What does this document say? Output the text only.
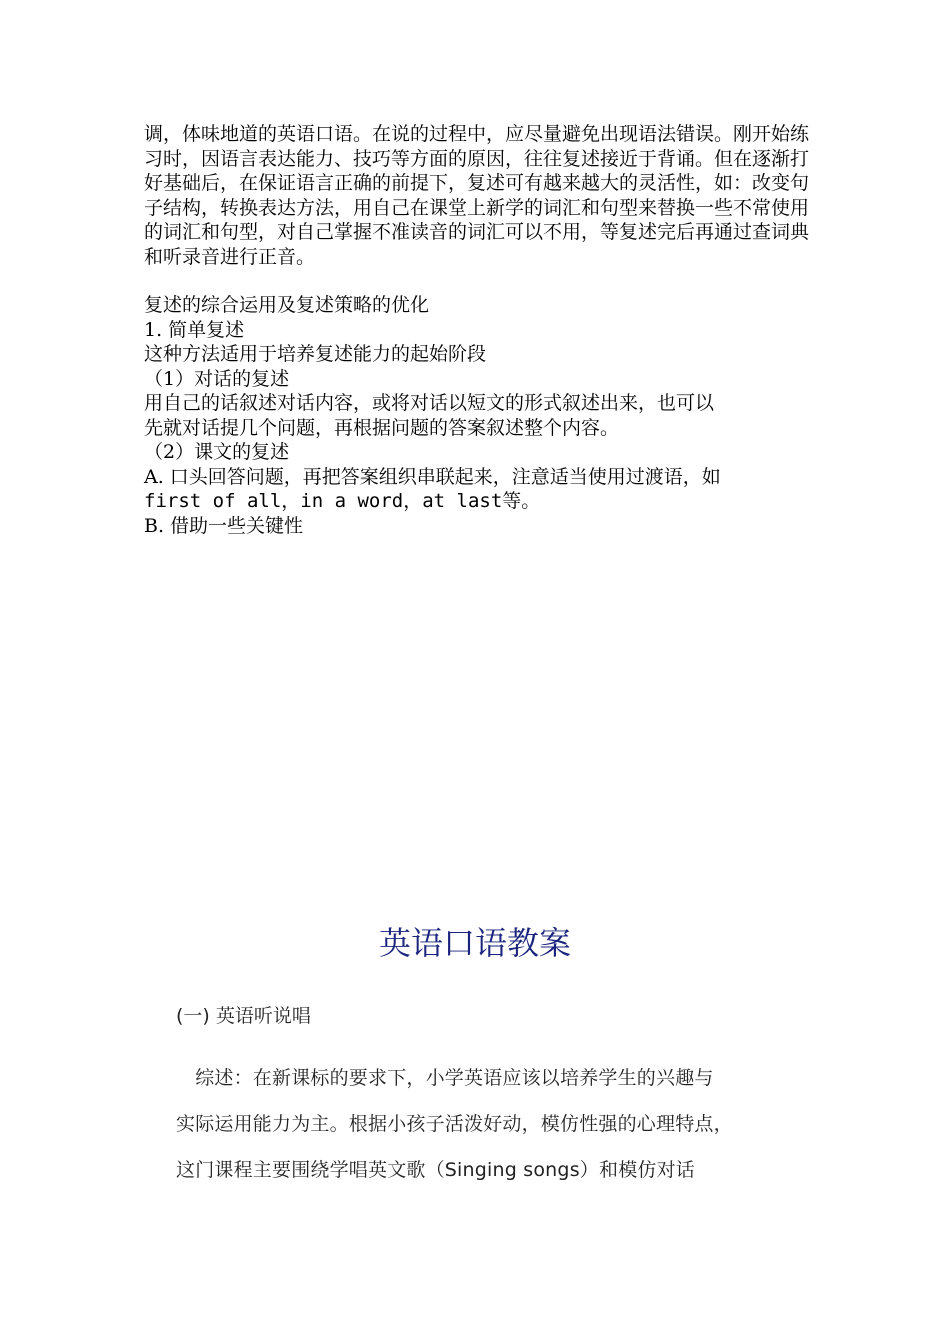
调，体味地道的英语口语。在说的过程中，应尽量避免出现语法错误。刚开始练习时，因语言表达能力、技巧等方面的原因，往往复述接近于背诵。但在逐渐打好基础后，在保证语言正确的前提下，复述可有越来越大的灵活性，如：改变句子结构，转换表达方法，用自己在课堂上新学的词汇和句型来替换一些不常使用的词汇和句型，对自己掌握不准读音的词汇可以不用，等复述完后再通过查词典和听录音进行正音。

复述的综合运用及复述策略的优化

1. 简单复述

这种方法适用于培养复述能力的起始阶段

（1）对话的复述

用自己的话叙述对话内容，或将对话以短文的形式叙述出来，也可以

先就对话提几个问题，再根据问题的答案叙述整个内容。

（2）课文的复述

A. 口头回答问题，再把答案组织串联起来，注意适当使用过渡语，如

first of all，in a word，at last等。

B. 借助一些关键性

英语口语教案
(一) 英语听说唱

　综述：在新课标的要求下，小学英语应该以培养学生的兴趣与

实际运用能力为主。根据小孩子活泼好动，模仿性强的心理特点，

这门课程主要围绕学唱英文歌（Singing songs）和模仿对话
